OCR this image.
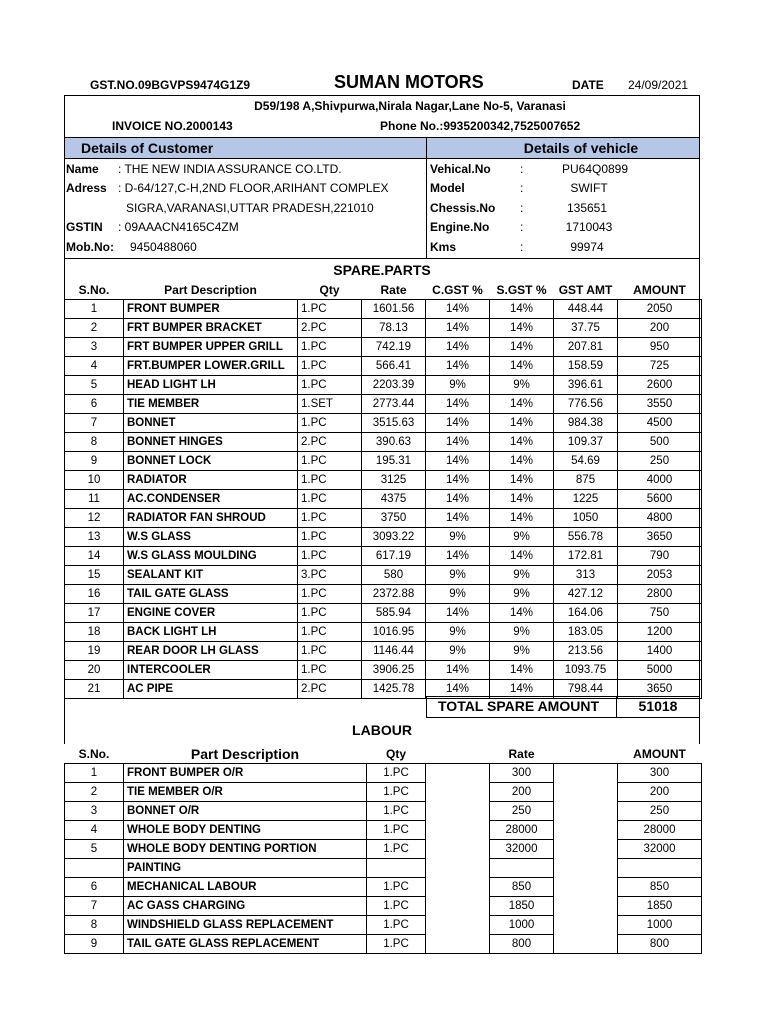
GST.NO.09BGVPS9474G1Z9	SUMAN MOTORS	DATE 24/09/2021
D59/198 A,Shivpurwa,Nirala Nagar,Lane No-5, Varanasi
INVOICE NO.2000143	Phone No.:9935200342,7525007652
Details of Customer	Details of vehicle
Name : THE NEW INDIA ASSURANCE CO.LTD.
Adress : D-64/127,C-H,2ND FLOOR,ARIHANT COMPLEX
SIGRA,VARANASI,UTTAR PRADESH,221010
GSTIN : 09AAACN4165C4ZM
Mob.No: 9450488060
Vehical.No :	PU64Q0899
Model	:	SWIFT
Chessis.No :	135651
Engine.No	:	1710043
Kms	:	99974
SPARE.PARTS
S.No.	Part Description	Qty	Rate	C.GST %	S.GST %	GST AMT	AMOUNT
1	FRONT BUMPER	1.PC	1601.56	14%	14%	448.44	2050
2	FRT BUMPER BRACKET	2.PC	78.13	14%	14%	37.75	200
3	FRT BUMPER UPPER GRILL	1.PC	742.19	14%	14%	207.81	950
4	FRT.BUMPER LOWER.GRILL	1.PC	566.41	14%	14%	158.59	725
5	HEAD LIGHT LH	1.PC	2203.39	9%	9%	396.61	2600
6	TIE MEMBER	1.SET	2773.44	14%	14%	776.56	3550
7	BONNET	1.PC	3515.63	14%	14%	984.38	4500
8	BONNET HINGES	2.PC	390.63	14%	14%	109.37	500
9	BONNET LOCK	1.PC	195.31	14%	14%	54.69	250
10	RADIATOR	1.PC	3125	14%	14%	875	4000
11	AC.CONDENSER	1.PC	4375	14%	14%	1225	5600
12	RADIATOR FAN SHROUD	1.PC	3750	14%	14%	1050	4800
13	W.S GLASS	1.PC	3093.22	9%	9%	556.78	3650
14	W.S GLASS MOULDING	1.PC	617.19	14%	14%	172.81	790
15	SEALANT KIT	3.PC	580	9%	9%	313	2053
16	TAIL GATE GLASS	1.PC	2372.88	9%	9%	427.12	2800
17	ENGINE COVER	1.PC	585.94	14%	14%	164.06	750
18	BACK LIGHT LH	1.PC	1016.95	9%	9%	183.05	1200
19	REAR DOOR LH GLASS	1.PC	1146.44	9%	9%	213.56	1400
20	INTERCOOLER	1.PC	3906.25	14%	14%	1093.75	5000
21	AC PIPE	2.PC	1425.78	14%	14%	798.44	3650
TOTAL SPARE AMOUNT	51018
LABOUR
S.No.	Part Description	Qty		Rate		AMOUNT
1	FRONT BUMPER O/R	1.PC		300		300
2	TIE MEMBER O/R	1.PC		200		200
3	BONNET O/R	1.PC		250		250
4	WHOLE BODY DENTING	1.PC		28000		28000
5	WHOLE BODY DENTING PORTION	1.PC		32000		32000
	PAINTING					
6	MECHANICAL LABOUR	1.PC		850		850
7	AC GASS CHARGING	1.PC		1850		1850
8	WINDSHIELD GLASS REPLACEMENT	1.PC		1000		1000
9	TAIL GATE GLASS REPLACEMENT	1.PC		800		800
